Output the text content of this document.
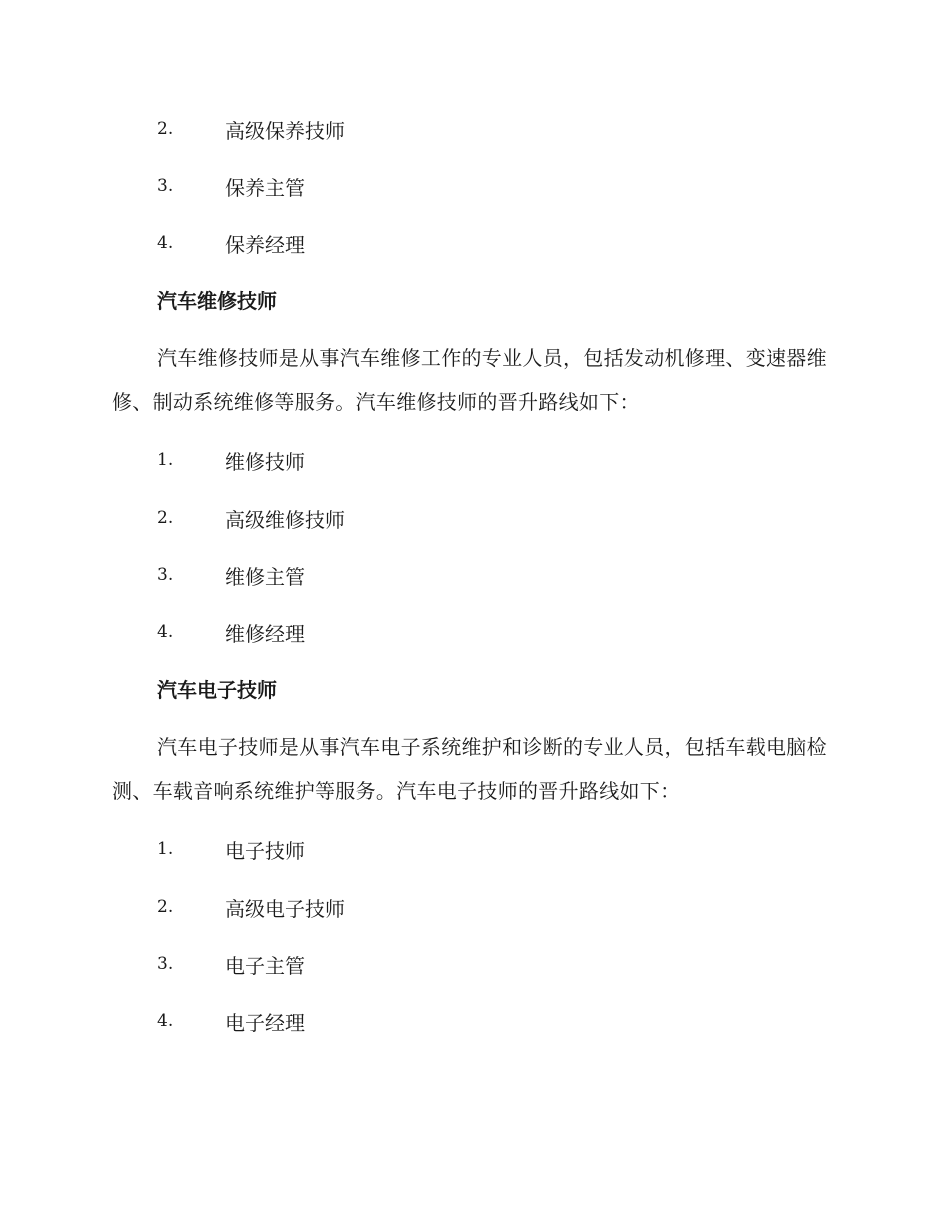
2.	高级保养技师
3.	保养主管
4.	保养经理
汽车维修技师
汽车维修技师是从事汽车维修工作的专业人员，包括发动机修理、变速器维修、制动系统维修等服务。汽车维修技师的晋升路线如下：
1.	维修技师
2.	高级维修技师
3.	维修主管
4.	维修经理
汽车电子技师
汽车电子技师是从事汽车电子系统维护和诊断的专业人员，包括车载电脑检测、车载音响系统维护等服务。汽车电子技师的晋升路线如下：
1.	电子技师
2.	高级电子技师
3.	电子主管
4.	电子经理
